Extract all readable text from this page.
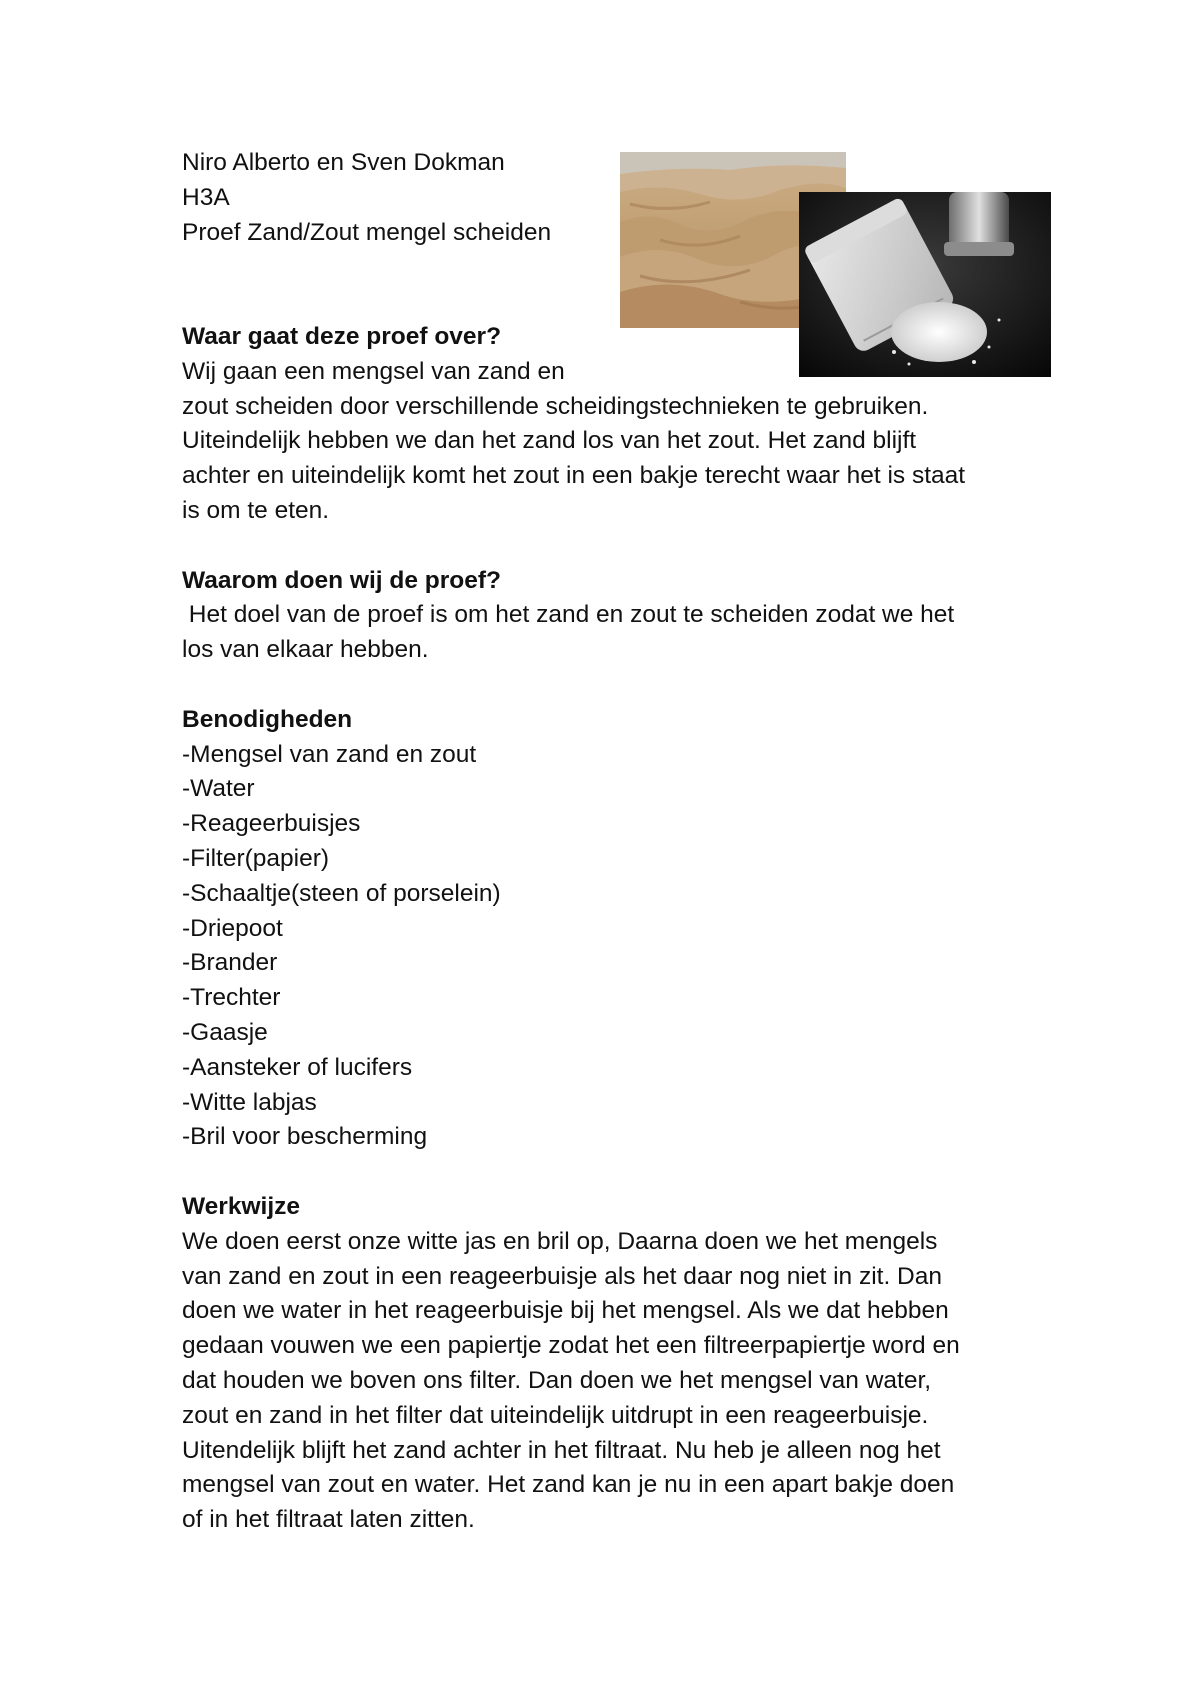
Niro Alberto en Sven Dokman
H3A
Proef Zand/Zout mengel scheiden
Waar gaat deze proef over?
Wij gaan een mengsel van zand en
zout scheiden door verschillende scheidingstechnieken te gebruiken.
Uiteindelijk hebben we dan het zand los van het zout. Het zand blijft
achter en uiteindelijk komt het zout in een bakje terecht waar het is staat
is om te eten.
Waarom doen wij de proef?
Het doel van de proef is om het zand en zout te scheiden zodat we het
los van elkaar hebben.
Benodigheden
-Mengsel van zand en zout
-Water
-Reageerbuisjes
-Filter(papier)
-Schaaltje(steen of porselein)
-Driepoot
-Brander
-Trechter
-Gaasje
-Aansteker of lucifers
-Witte labjas
-Bril voor bescherming
Werkwijze
We doen eerst onze witte jas en bril op, Daarna doen we het mengels
van zand en zout in een reageerbuisje als het daar nog niet in zit. Dan
doen we water in het reageerbuisje bij het mengsel. Als we dat hebben
gedaan vouwen we een papiertje zodat het een filtreerpapiertje word en
dat houden we boven ons filter. Dan doen we het mengsel van water,
zout en zand in het filter dat uiteindelijk uitdrupt in een reageerbuisje.
Uitendelijk blijft het zand achter in het filtraat. Nu heb je alleen nog het
mengsel van zout en water. Het zand kan je nu in een apart bakje doen
of in het filtraat laten zitten.
